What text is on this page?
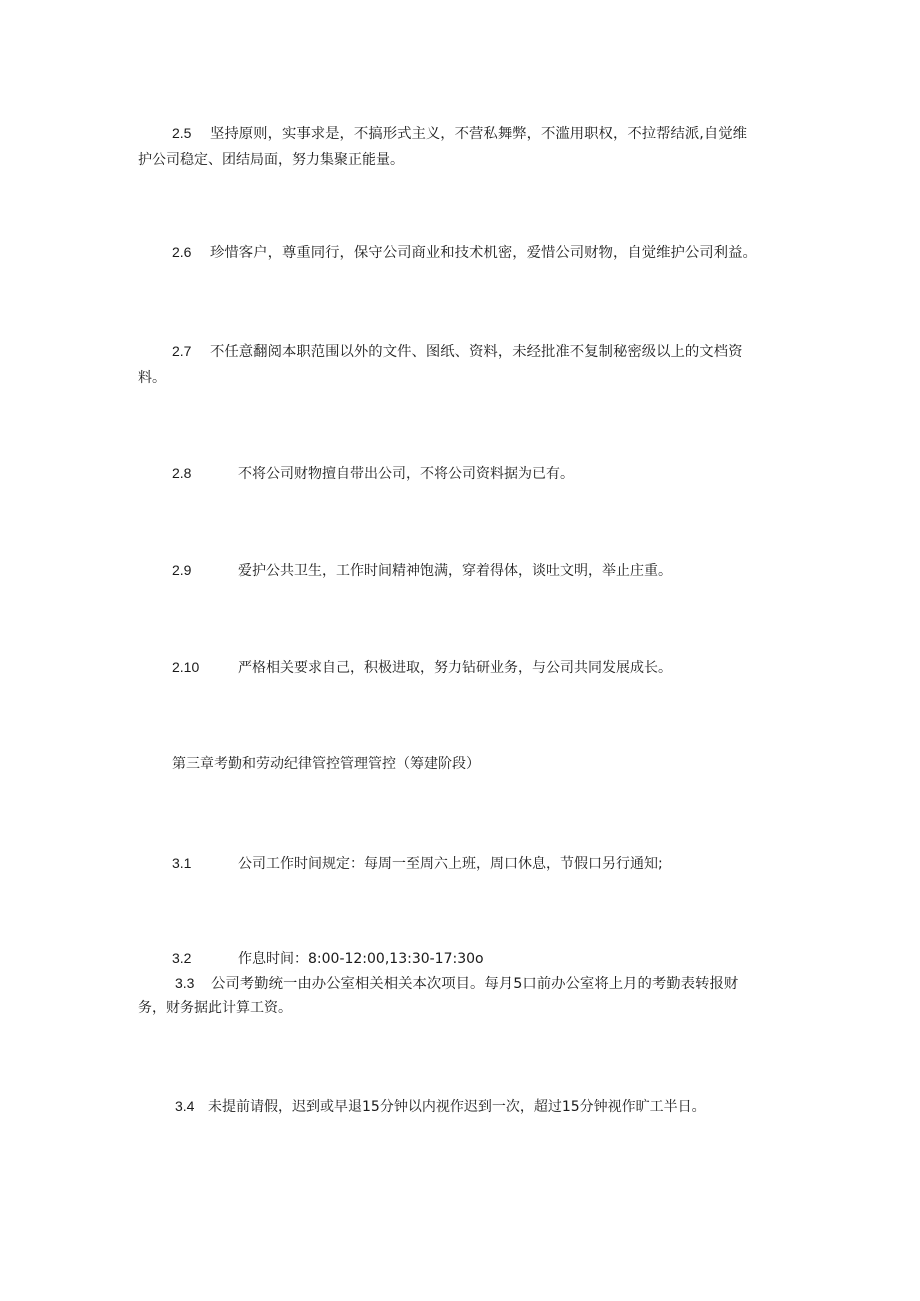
2.5 坚持原则，实事求是，不搞形式主义，不营私舞弊，不滥用职权，不拉帮结派,自觉维
护公司稳定、团结局面，努力集聚正能量。
2.6 珍惜客户，尊重同行，保守公司商业和技术机密，爱惜公司财物，自觉维护公司利益。
2.7 不任意翻阅本职范围以外的文件、图纸、资料，未经批准不复制秘密级以上的文档资
料。
2.8	不将公司财物擅自带出公司，不将公司资料据为已有。
2.9	爱护公共卫生，工作时间精神饱满，穿着得体，谈吐文明，举止庄重。
2.10	严格相关要求自己，积极进取，努力钻研业务，与公司共同发展成长。
第三章考勤和劳动纪律管控管理管控（筹建阶段）
3.1	公司工作时间规定：每周一至周六上班，周口休息，节假口另行通知;
3.2	作息时间：8:00-12:00,13:30-17:30o
3.3 公司考勤统一由办公室相关相关本次项目。每月5口前办公室将上月的考勤表转报财
务，财务据此计算工资。
3.4 未提前请假，迟到或早退15分钟以内视作迟到一次，超过15分钟视作旷工半日。
